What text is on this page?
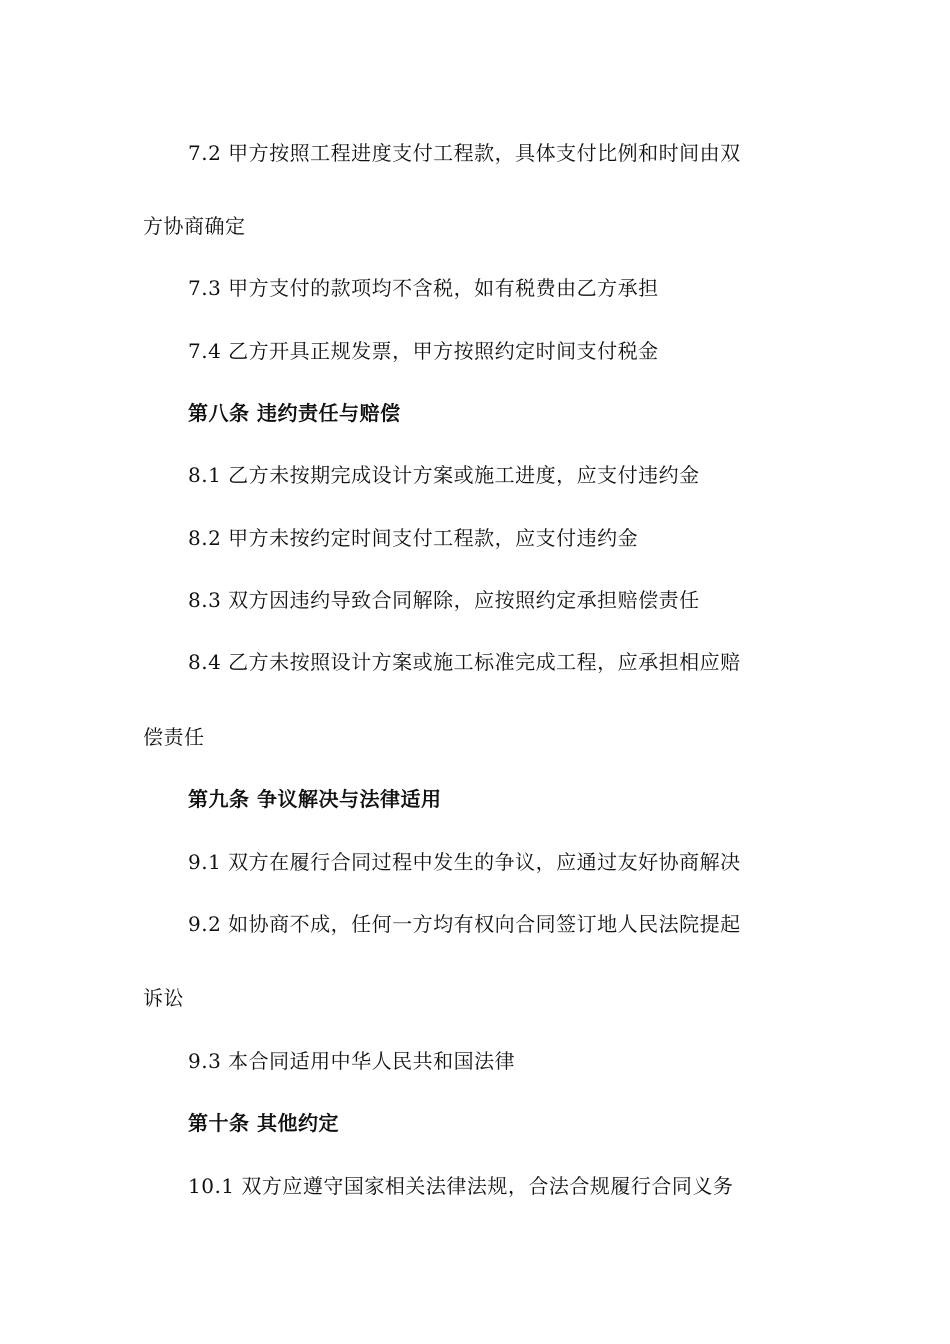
7.2 甲方按照工程进度支付工程款，具体支付比例和时间由双
方协商确定
7.3 甲方支付的款项均不含税，如有税费由乙方承担
7.4 乙方开具正规发票，甲方按照约定时间支付税金
第八条 违约责任与赔偿
8.1 乙方未按期完成设计方案或施工进度，应支付违约金
8.2 甲方未按约定时间支付工程款，应支付违约金
8.3 双方因违约导致合同解除，应按照约定承担赔偿责任
8.4 乙方未按照设计方案或施工标准完成工程，应承担相应赔
偿责任
第九条 争议解决与法律适用
9.1 双方在履行合同过程中发生的争议，应通过友好协商解决
9.2 如协商不成，任何一方均有权向合同签订地人民法院提起
诉讼
9.3 本合同适用中华人民共和国法律
第十条 其他约定
10.1 双方应遵守国家相关法律法规，合法合规履行合同义务
